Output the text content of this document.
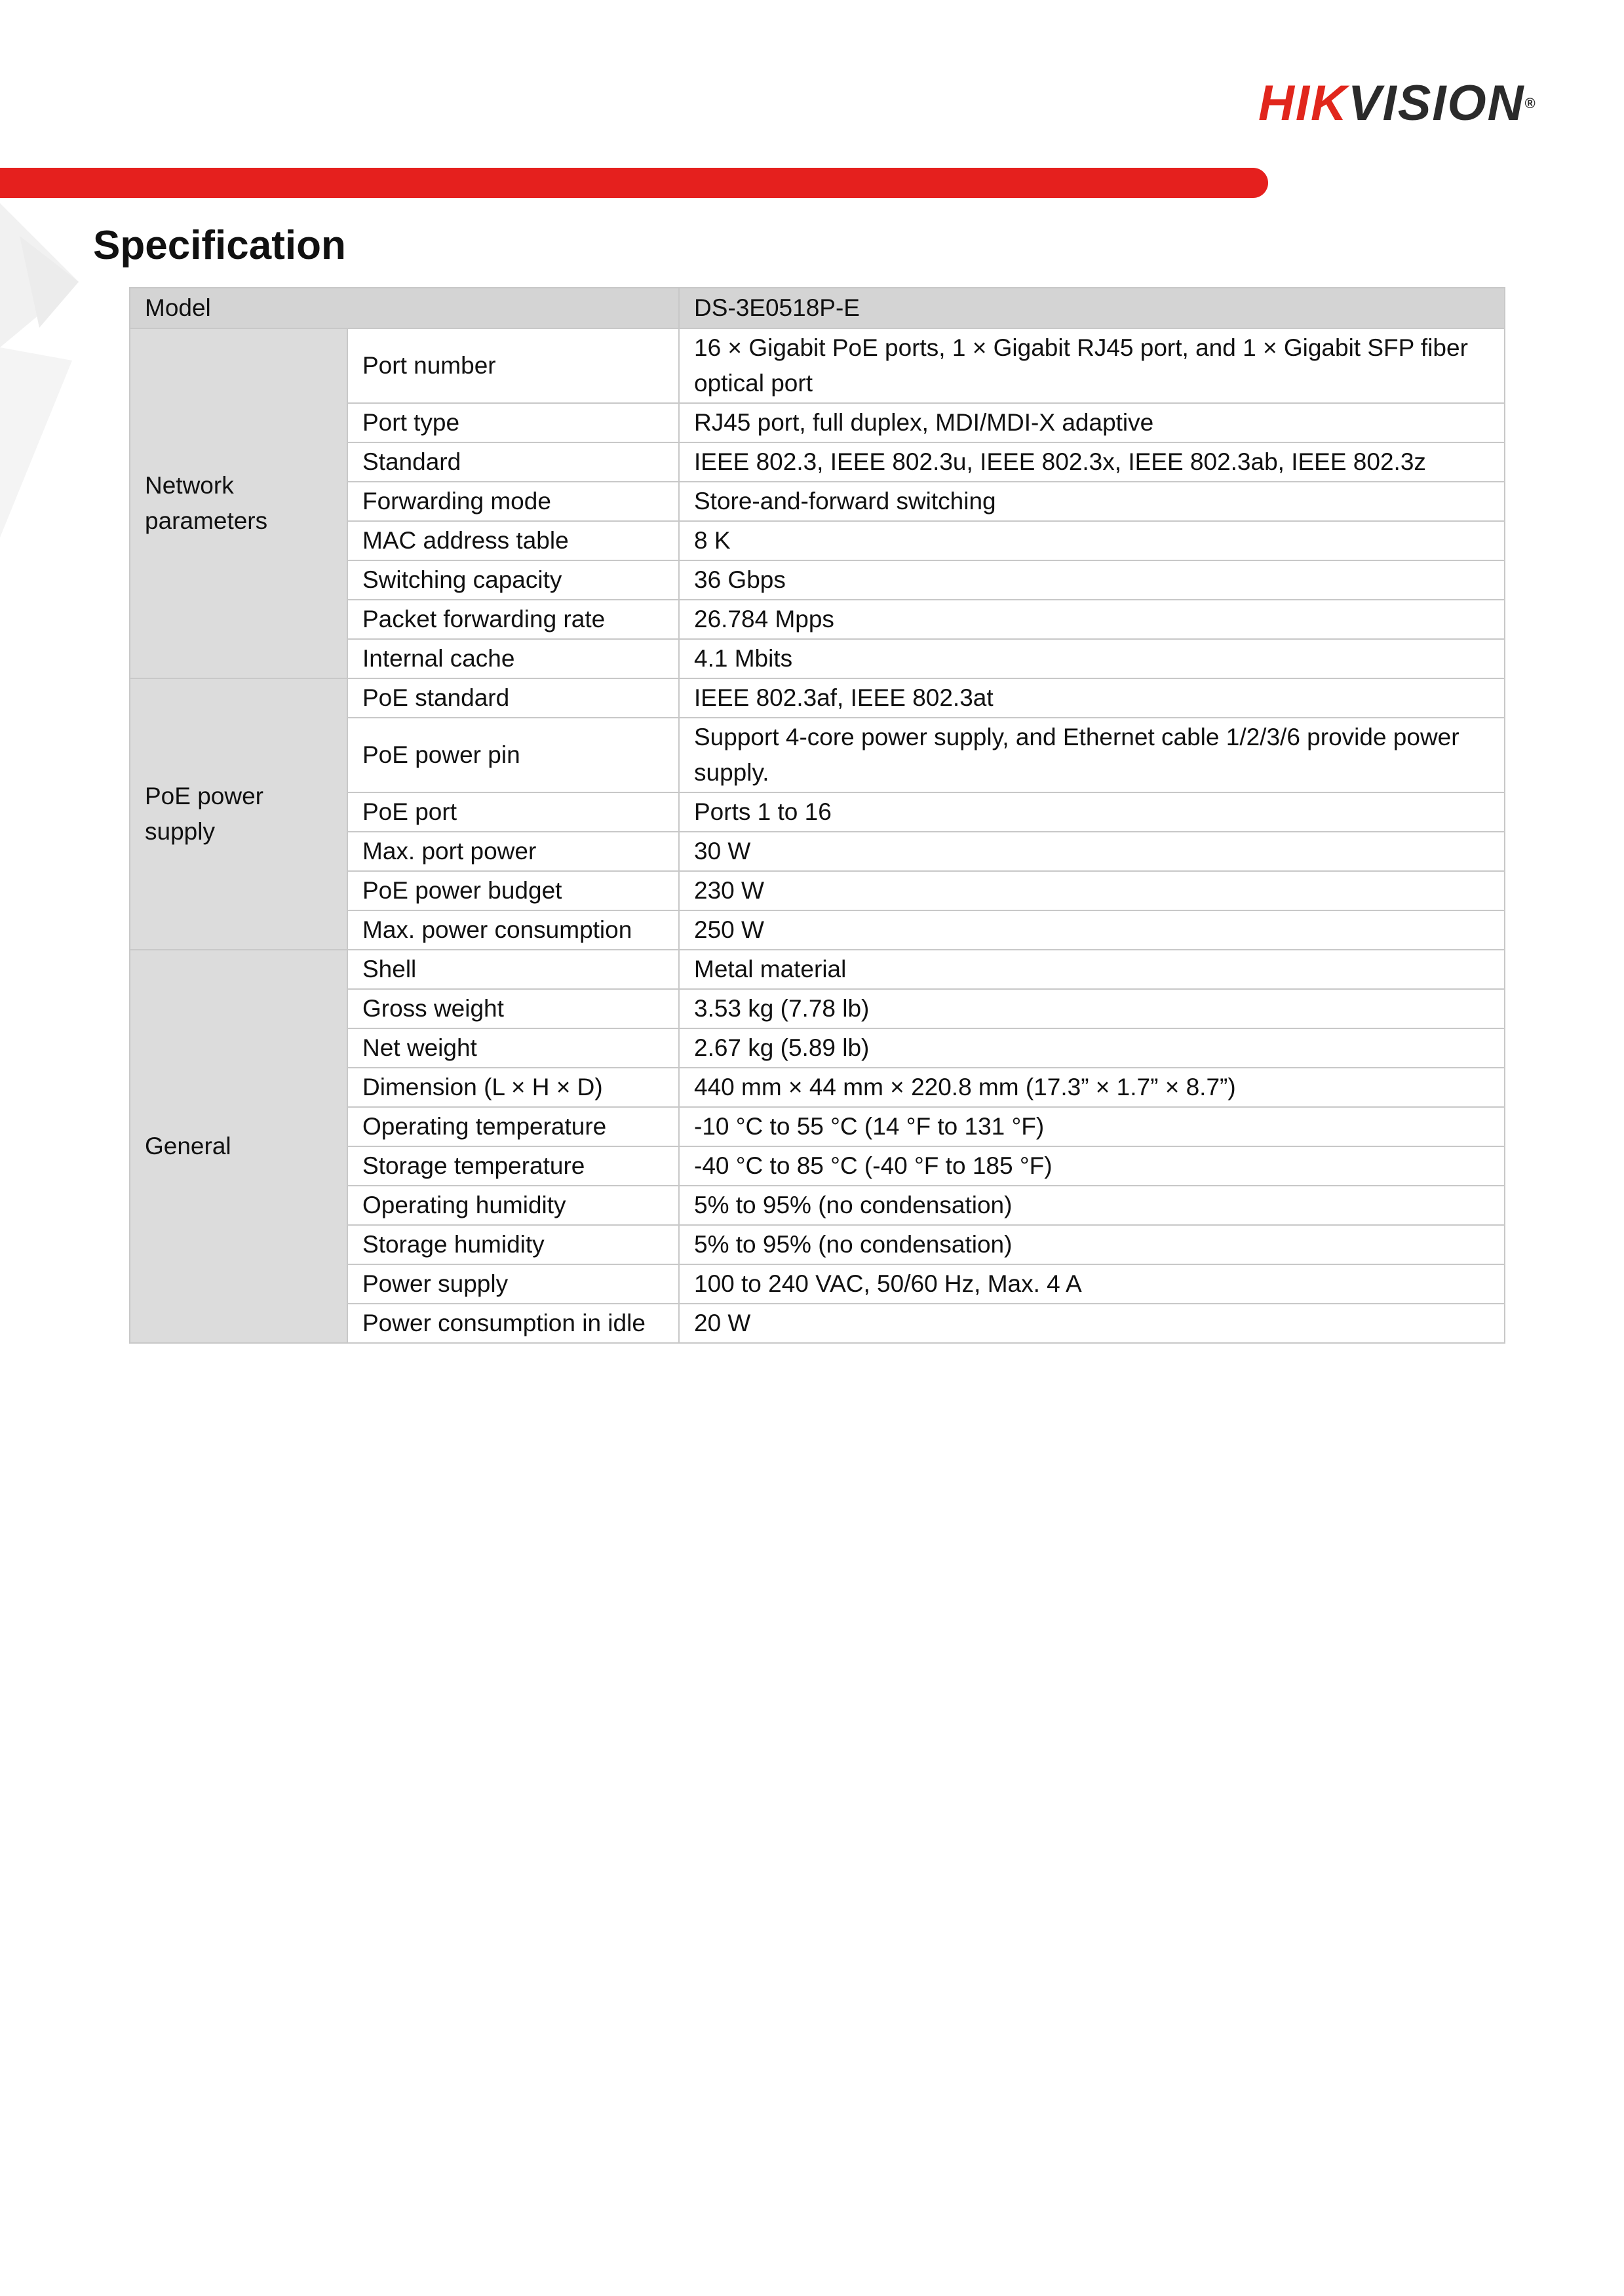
HIKVISION®
Specification
Model		DS-3E0518P-E
Network parameters	Port number	16 × Gigabit PoE ports, 1 × Gigabit RJ45 port, and 1 × Gigabit SFP fiber optical port
	Port type	RJ45 port, full duplex, MDI/MDI-X adaptive
	Standard	IEEE 802.3, IEEE 802.3u, IEEE 802.3x, IEEE 802.3ab, IEEE 802.3z
	Forwarding mode	Store-and-forward switching
	MAC address table	8 K
	Switching capacity	36 Gbps
	Packet forwarding rate	26.784 Mpps
	Internal cache	4.1 Mbits
PoE power supply	PoE standard	IEEE 802.3af, IEEE 802.3at
	PoE power pin	Support 4-core power supply, and Ethernet cable 1/2/3/6 provide power supply.
	PoE port	Ports 1 to 16
	Max. port power	30 W
	PoE power budget	230 W
	Max. power consumption	250 W
General	Shell	Metal material
	Gross weight	3.53 kg (7.78 lb)
	Net weight	2.67 kg (5.89 lb)
	Dimension (L × H × D)	440 mm × 44 mm × 220.8 mm (17.3” × 1.7” × 8.7”)
	Operating temperature	-10 °C to 55 °C (14 °F to 131 °F)
	Storage temperature	-40 °C to 85 °C (-40 °F to 185 °F)
	Operating humidity	5% to 95% (no condensation)
	Storage humidity	5% to 95% (no condensation)
	Power supply	100 to 240 VAC, 50/60 Hz, Max. 4 A
	Power consumption in idle	20 W
